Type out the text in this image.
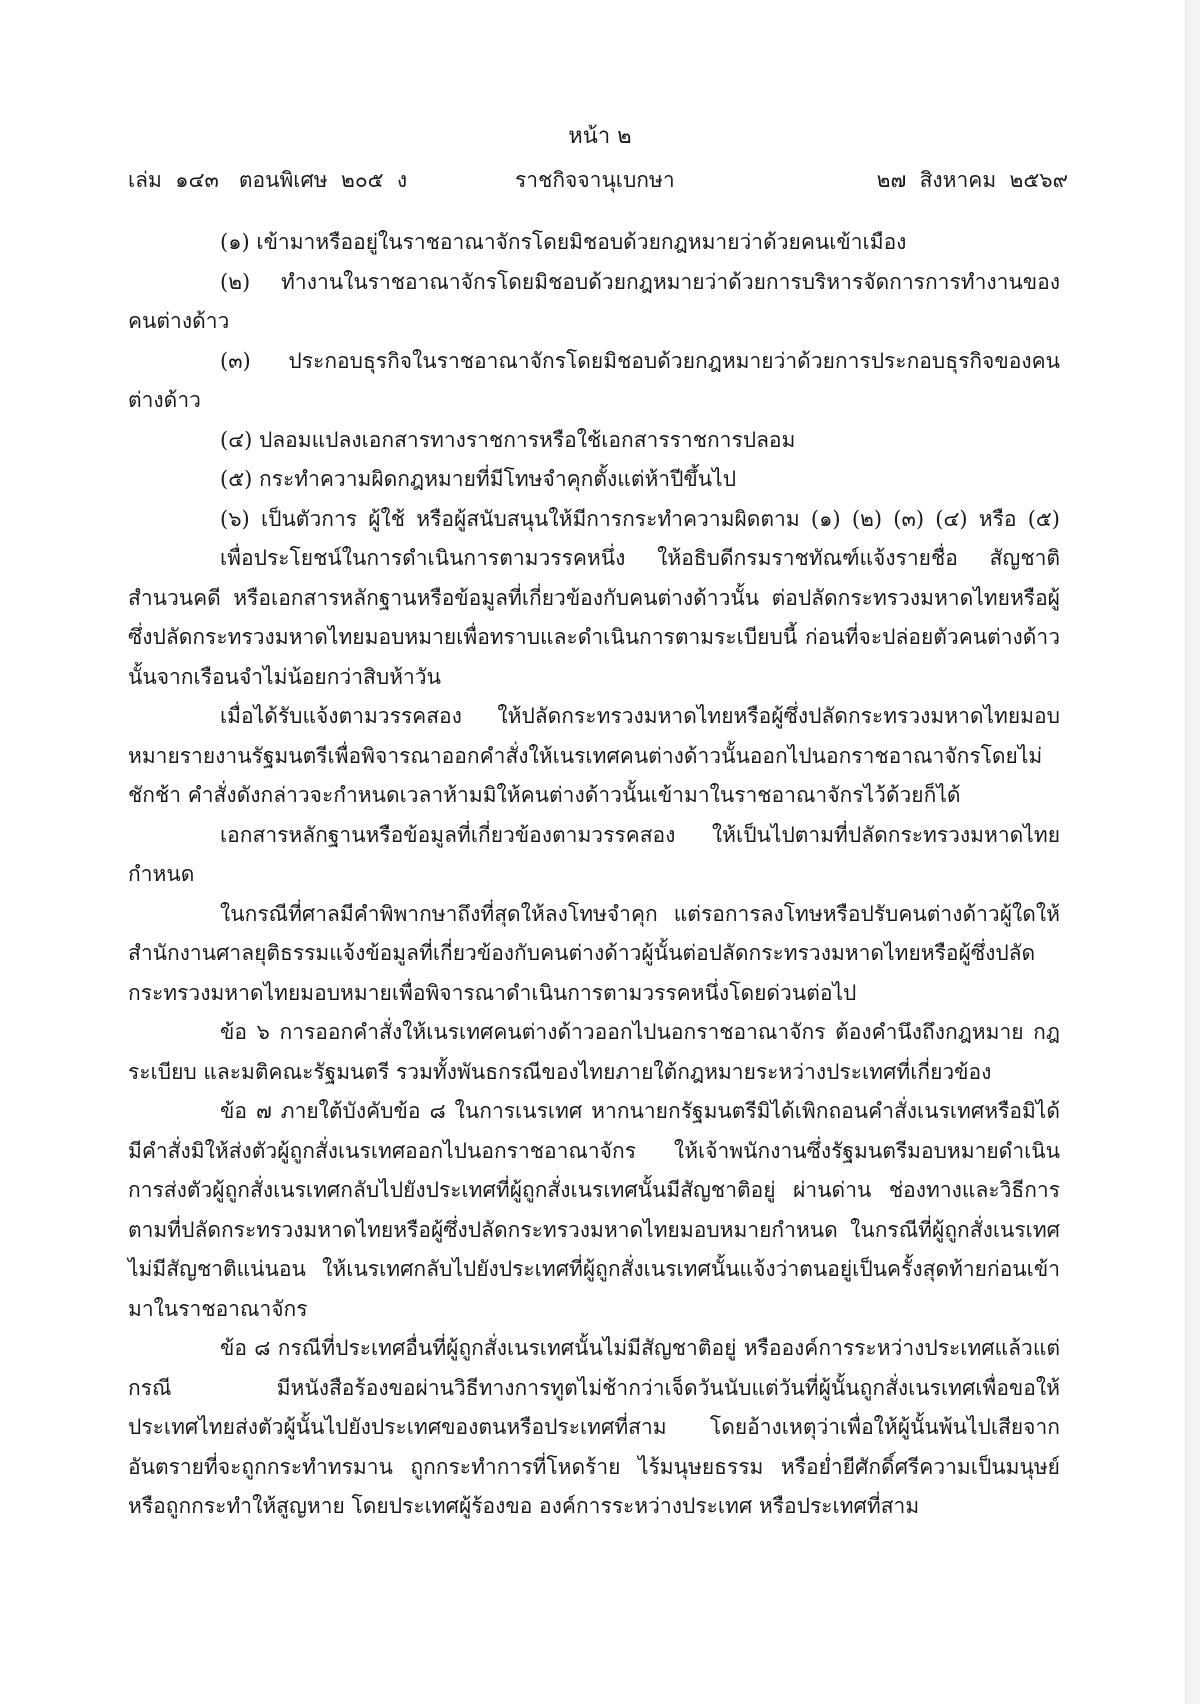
หน้า ๒
เล่ม  ๑๔๓   ตอนพิเศษ  ๒๐๕  ง	ราชกิจจานุเบกษา	๒๗  สิงหาคม  ๒๕๖๙

(๑) เข้ามาหรืออยู่ในราชอาณาจักรโดยมิชอบด้วยกฎหมายว่าด้วยคนเข้าเมือง

(๒) ทำงานในราชอาณาจักรโดยมิชอบด้วยกฎหมายว่าด้วยการบริหารจัดการการทำงานของคนต่างด้าว

(๓) ประกอบธุรกิจในราชอาณาจักรโดยมิชอบด้วยกฎหมายว่าด้วยการประกอบธุรกิจของคนต่างด้าว

(๔) ปลอมแปลงเอกสารทางราชการหรือใช้เอกสารราชการปลอม

(๕) กระทำความผิดกฎหมายที่มีโทษจำคุกตั้งแต่ห้าปีขึ้นไป

(๖) เป็นตัวการ ผู้ใช้ หรือผู้สนับสนุนให้มีการกระทำความผิดตาม (๑) (๒) (๓) (๔) หรือ (๕)

เพื่อประโยชน์ในการดำเนินการตามวรรคหนึ่ง ให้อธิบดีกรมราชทัณฑ์แจ้งรายชื่อ สัญชาติ สำนวนคดี หรือเอกสารหลักฐานหรือข้อมูลที่เกี่ยวข้องกับคนต่างด้าวนั้น ต่อปลัดกระทรวงมหาดไทยหรือผู้ซึ่งปลัดกระทรวงมหาดไทยมอบหมายเพื่อทราบและดำเนินการตามระเบียบนี้ ก่อนที่จะปล่อยตัวคนต่างด้าวนั้นจากเรือนจำไม่น้อยกว่าสิบห้าวัน

เมื่อได้รับแจ้งตามวรรคสอง ให้ปลัดกระทรวงมหาดไทยหรือผู้ซึ่งปลัดกระทรวงมหาดไทยมอบหมายรายงานรัฐมนตรีเพื่อพิจารณาออกคำสั่งให้เนรเทศคนต่างด้าวนั้นออกไปนอกราชอาณาจักรโดยไม่ชักช้า คำสั่งดังกล่าวจะกำหนดเวลาห้ามมิให้คนต่างด้าวนั้นเข้ามาในราชอาณาจักรไว้ด้วยก็ได้

เอกสารหลักฐานหรือข้อมูลที่เกี่ยวข้องตามวรรคสอง ให้เป็นไปตามที่ปลัดกระทรวงมหาดไทยกำหนด

ในกรณีที่ศาลมีคำพิพากษาถึงที่สุดให้ลงโทษจำคุก แต่รอการลงโทษหรือปรับคนต่างด้าวผู้ใดให้สำนักงานศาลยุติธรรมแจ้งข้อมูลที่เกี่ยวข้องกับคนต่างด้าวผู้นั้นต่อปลัดกระทรวงมหาดไทยหรือผู้ซึ่งปลัดกระทรวงมหาดไทยมอบหมายเพื่อพิจารณาดำเนินการตามวรรคหนึ่งโดยด่วนต่อไป

ข้อ ๖ การออกคำสั่งให้เนรเทศคนต่างด้าวออกไปนอกราชอาณาจักร ต้องคำนึงถึงกฎหมาย กฎระเบียบ และมติคณะรัฐมนตรี รวมทั้งพันธกรณีของไทยภายใต้กฎหมายระหว่างประเทศที่เกี่ยวข้อง

ข้อ ๗ ภายใต้บังคับข้อ ๘ ในการเนรเทศ หากนายกรัฐมนตรีมิได้เพิกถอนคำสั่งเนรเทศหรือมิได้มีคำสั่งมิให้ส่งตัวผู้ถูกสั่งเนรเทศออกไปนอกราชอาณาจักร ให้เจ้าพนักงานซึ่งรัฐมนตรีมอบหมายดำเนินการส่งตัวผู้ถูกสั่งเนรเทศกลับไปยังประเทศที่ผู้ถูกสั่งเนรเทศนั้นมีสัญชาติอยู่ ผ่านด่าน ช่องทางและวิธีการตามที่ปลัดกระทรวงมหาดไทยหรือผู้ซึ่งปลัดกระทรวงมหาดไทยมอบหมายกำหนด ในกรณีที่ผู้ถูกสั่งเนรเทศไม่มีสัญชาติแน่นอน ให้เนรเทศกลับไปยังประเทศที่ผู้ถูกสั่งเนรเทศนั้นแจ้งว่าตนอยู่เป็นครั้งสุดท้ายก่อนเข้ามาในราชอาณาจักร

ข้อ ๘ กรณีที่ประเทศอื่นที่ผู้ถูกสั่งเนรเทศนั้นไม่มีสัญชาติอยู่ หรือองค์การระหว่างประเทศแล้วแต่กรณี มีหนังสือร้องขอผ่านวิธีทางการทูตไม่ช้ากว่าเจ็ดวันนับแต่วันที่ผู้นั้นถูกสั่งเนรเทศเพื่อขอให้ประเทศไทยส่งตัวผู้นั้นไปยังประเทศของตนหรือประเทศที่สาม โดยอ้างเหตุว่าเพื่อให้ผู้นั้นพ้นไปเสียจากอันตรายที่จะถูกกระทำทรมาน ถูกกระทำการที่โหดร้าย ไร้มนุษยธรรม หรือย่ำยีศักดิ์ศรีความเป็นมนุษย์หรือถูกกระทำให้สูญหาย โดยประเทศผู้ร้องขอ องค์การระหว่างประเทศ หรือประเทศที่สาม
